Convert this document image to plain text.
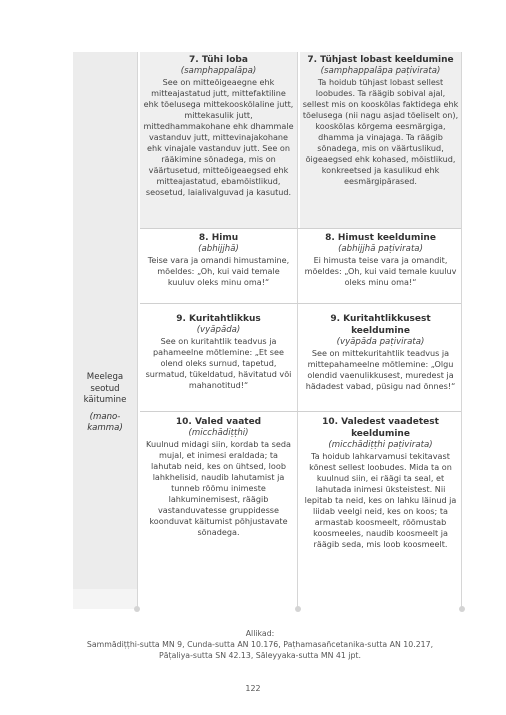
Meelega seotud käitumine
(mano-kamma)
7. Tühi loba
(samphappalāpa)
See on mitteõigeaegne ehk mitteajastatud jutt, mittefaktiline ehk tõelusega mittekooskõlaline jutt, mittekasulik jutt, mittedhammakohane ehk dhammale vastanduv jutt, mittevinajakohane ehk vinajale vastanduv jutt. See on rääkimine sõnadega, mis on väärtusetud, mitteõigeaegsed ehk mitteajastatud, ebamõistlikud, seosetud, laialivalguvad ja kasutud.
7. Tühjast lobast keeldumine
(samphappalāpa paṭivirata)
Ta hoidub tühjast lobast sellest loobudes. Ta räägib sobival ajal, sellest mis on kooskõlas faktidega ehk tõelusega (nii nagu asjad tõeliselt on), kooskõlas kõrgema eesmärgiga, dhamma ja vinajaga. Ta räägib sõnadega, mis on väärtuslikud, õigeaegsed ehk kohased, mõistlikud, konkreetsed ja kasulikud ehk eesmärgipärased.
8. Himu
(abhijjhā)
Teise vara ja omandi himustamine, mõeldes: „Oh, kui vaid temale kuuluv oleks minu oma!“
8. Himust keeldumine
(abhijjhā paṭivirata)
Ei himusta teise vara ja omandit, mõeldes: „Oh, kui vaid temale kuuluv oleks minu oma!“
9. Kuritahtlikkus
(vyāpāda)
See on kuritahtlik teadvus ja pahameelne mõtlemine: „Et see olend oleks surnud, tapetud, surmatud, tükeldatud, hävitatud või mahanotitud!“
9. Kuritahtlikkusest keeldumine
(vyāpāda paṭivirata)
See on mittekuritahtlik teadvus ja mittepahameelne mõtlemine: „Olgu olendid vaenulikkusest, muredest ja hädadest vabad, püsigu nad õnnes!“
10. Valed vaated
(micchādiṭṭhi)
Kuulnud midagi siin, kordab ta seda mujal, et inimesi eraldada; ta lahutab neid, kes on ühtsed, loob lahkhelisid, naudib lahutamist ja tunneb rõõmu inimeste lahkuminemisest, räägib vastanduvatesse gruppidesse koonduvat käitumist põhjustavate sõnadega.
10. Valedest vaadetest keeldumine
(micchādiṭṭhi paṭivirata)
Ta hoidub lahkarvamusi tekitavast kõnest sellest loobudes. Mida ta on kuulnud siin, ei räägi ta seal, et lahutada inimesi üksteistest. Nii lepitab ta neid, kes on lahku läinud ja liidab veelgi neid, kes on koos; ta armastab koosmeelt, rõõmustab koosmeeles, naudib koosmeelt ja räägib seda, mis loob koosmeelt.
Allikad:
Sammādiṭṭhi-sutta MN 9, Cunda-sutta AN 10.176, Paṭhamasañcetanika-sutta AN 10.217,
Pāṭaliya-sutta SN 42.13, Sāleyyaka-sutta MN 41 jpt.
122
